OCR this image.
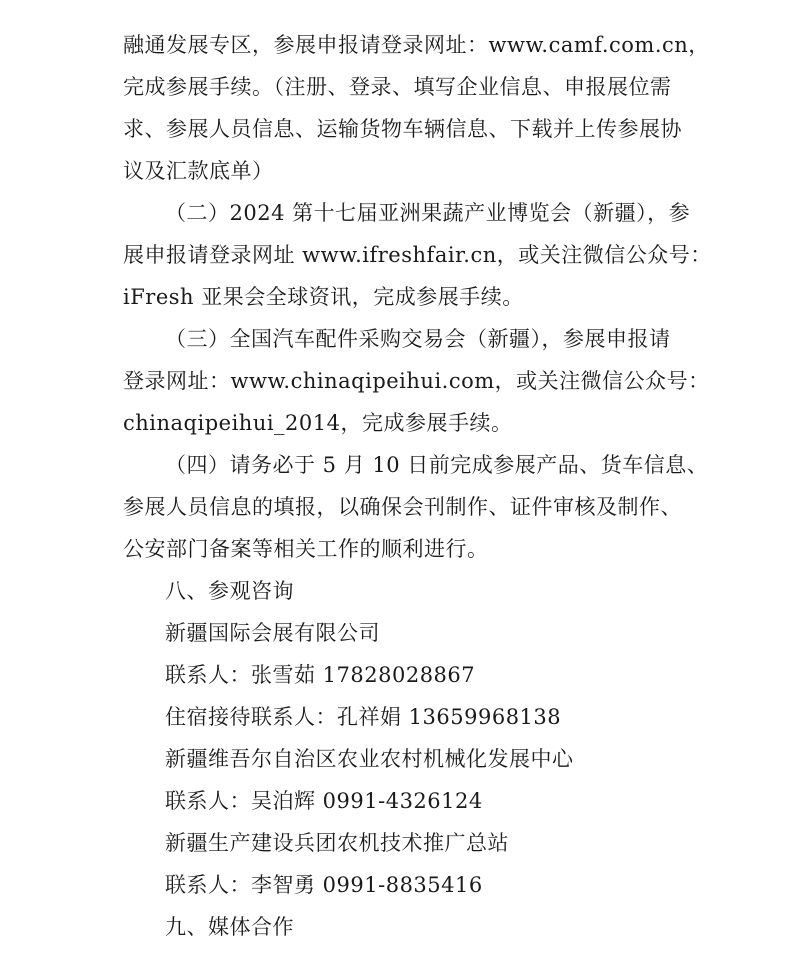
融通发展专区，参展申报请登录网址：www.camf.com.cn，
完成参展手续。（注册、登录、填写企业信息、申报展位需
求、参展人员信息、运输货物车辆信息、下载并上传参展协
议及汇款底单）
（二）2024 第十七届亚洲果蔬产业博览会（新疆），参
展申报请登录网址 www.ifreshfair.cn，或关注微信公众号：
iFresh 亚果会全球资讯，完成参展手续。
（三）全国汽车配件采购交易会（新疆），参展申报请
登录网址：www.chinaqipeihui.com，或关注微信公众号：
chinaqipeihui_2014，完成参展手续。
（四）请务必于 5 月 10 日前完成参展产品、货车信息、
参展人员信息的填报，以确保会刊制作、证件审核及制作、
公安部门备案等相关工作的顺利进行。
八、参观咨询
新疆国际会展有限公司
联系人：张雪茹 17828028867
住宿接待联系人：孔祥娟 13659968138
新疆维吾尔自治区农业农村机械化发展中心
联系人：吴泊辉 0991-4326124
新疆生产建设兵团农机技术推广总站
联系人：李智勇 0991-8835416
九、媒体合作
